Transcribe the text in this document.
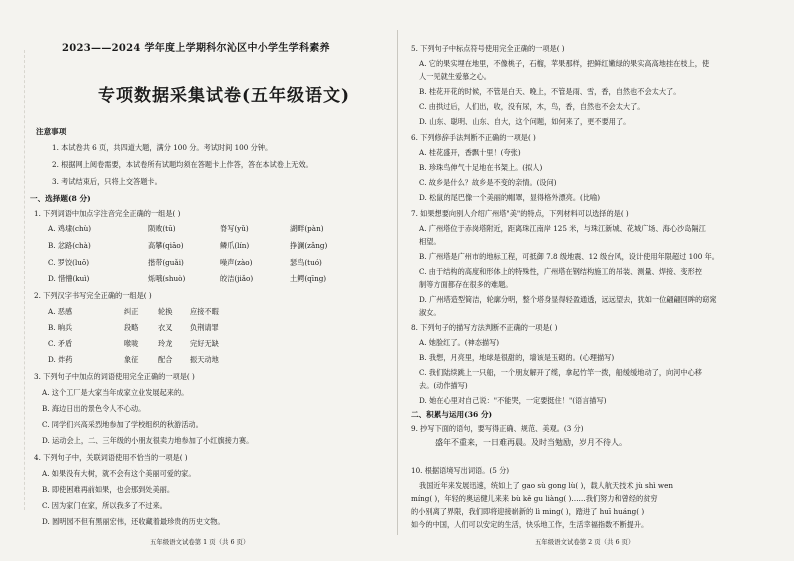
2023——2024 学年度上学期科尔沁区中小学生学科素养
专项数据采集试卷(五年级语文)
注意事项
1. 本试卷共 6 页，共四道大题，满分 100 分。考试时间 100 分钟。
2. 根据网上阅卷需要，本试卷所有试题均须在答题卡上作答，答在本试卷上无效。
3. 考试结束后，只将上交答题卡。
一、选择题(8 分)
1. 下列词语中加点字注音完全正确的一组是( )
A. 鸡埭(chù)	陨败(tū)	脊写(yǔ)	湖畔(pàn)
B. 忿路(chà)	高攀(qiāo)	鳞爪(lín)	挣澜(zǎng)
C. 罗饺(luō)	揩带(guǎi)	噪声(zào)	瑟鸟(tuó)
D. 惜懵(kuì)	烁哦(shuò)	皎洁(jiǎo)	土鳄(qīng)
2. 下列汉字书写完全正确的一组是( )
A. 恶感	纠正	轮换 应接不暇
B. 晌兵	段略	衣叉 负荆请罪
C. 矛盾	喉咙	玲龙 完好无缺
D. 炸药	象征	配合 振天动地
3. 下列句子中加点的词语使用完全正确的一项是( )
A. 这个工厂是大家当年成家立业发展起来的。
B. 海边日出的景色令人不心动。
C. 同学们兴高采烈地参加了学校组织的秋游活动。
D. 运动会上，二、三年级的小朋友很卖力地参加了小红旗接力赛。
4. 下列句子中，关联词语使用不恰当的一项是( )
A. 如果没有大树，就不会有这个美丽可爱的家。
B. 即使困难再前如果，也会那到处美丽。
C. 因为家门在家，所以我多了不过来。
D. 圆明园不但有黑丽宏伟，还收藏着最珍贵的历史文物。
五年级语文试卷第 1 页（共 6 页）
5. 下列句子中标点符号使用完全正确的一项是( )
A. 它的果实埋在地里，不像桃子，石榴，苹果那样，把鲜红嫩绿的果实高高地挂在枝上，使
人一见就生爱慕之心。
B. 桂花开花的时候，不管是白天、晚上，不管是雨、雪，香，自然也不会太大了。
C. 由拱过后，人们出，收，没有尿，木，鸟，香，自然也不会太大了。
D. 山东、聪明、山东、自大，这个问题，如何来了，更不要用了。
6. 下列修辞手法判断不正确的一项是( )
A. 桂花盛开，香飘十里！(夸张)
B. 珍珠鸟伸气十足地在书架上。(拟人)
C. 故乡是什么？故乡是不变的亲情。(设问)
D. 松鼠的尾巴像一个美丽的帽罩，显得格外漂亮。(比喻)
7. 如果想要向别人介绍广州塔"美"的特点，下列材料可以选择的是( )
A. 广州塔位于赤岗塔附近，距离珠江南岸 125 米，与珠江新城、花城广场、海心沙岛隔江
相望。
B. 广州塔是广州市的地标工程，可抵御 7.8 级地震、12 级台风，设计使用年限超过 100 年。
C. 由于结构的高度和形体上的特殊性，广州塔在钢结构施工的吊装、测量、焊接、变形控
制等方面都存在很多的难题。
D. 广州塔造型简洁，轮廓分明，整个塔身显得轻盈通透，远远望去，犹如一位翩翩回眸的窈窕
淑女。
8. 下列句子的描写方法判断不正确的一项是( )
A. 她脸红了。(神态描写)
B. 我想，月亮里，地球是很甜的，墙该是玉砌的。(心理描写)
C. 我们陆续跳上一只船，一个朋友解开了缆，拿起竹竿一拨，船缓缓地动了，向河中心移
去。(动作描写)
D. 她在心里对自己说："不能哭，一定要挺住！"(语言描写)
二、积累与运用(36 分)
9. 抄写下面的语句，要写得正确、规范、美观。(3 分)
盛年不重来，一日难再晨。及时当勉励，岁月不待人。
10. 根据语境写出词语。(5 分)
我国近年来发展迅速，统如上了 gao sù gong lù( )，载人航天技术 jù shì wen
míng( )，年轻的奥运健儿来来 bù kě gu liàng( )……我们努力和曾经的贫穷
的小别离了界限，我们即将迎接崭新的 lì ming( )，踏进了 huī huáng( )
如今的中国，人们可以安定的生活，快乐地工作，生活幸福指数不断提升。
五年级语文试卷第 2 页（共 6 页）
